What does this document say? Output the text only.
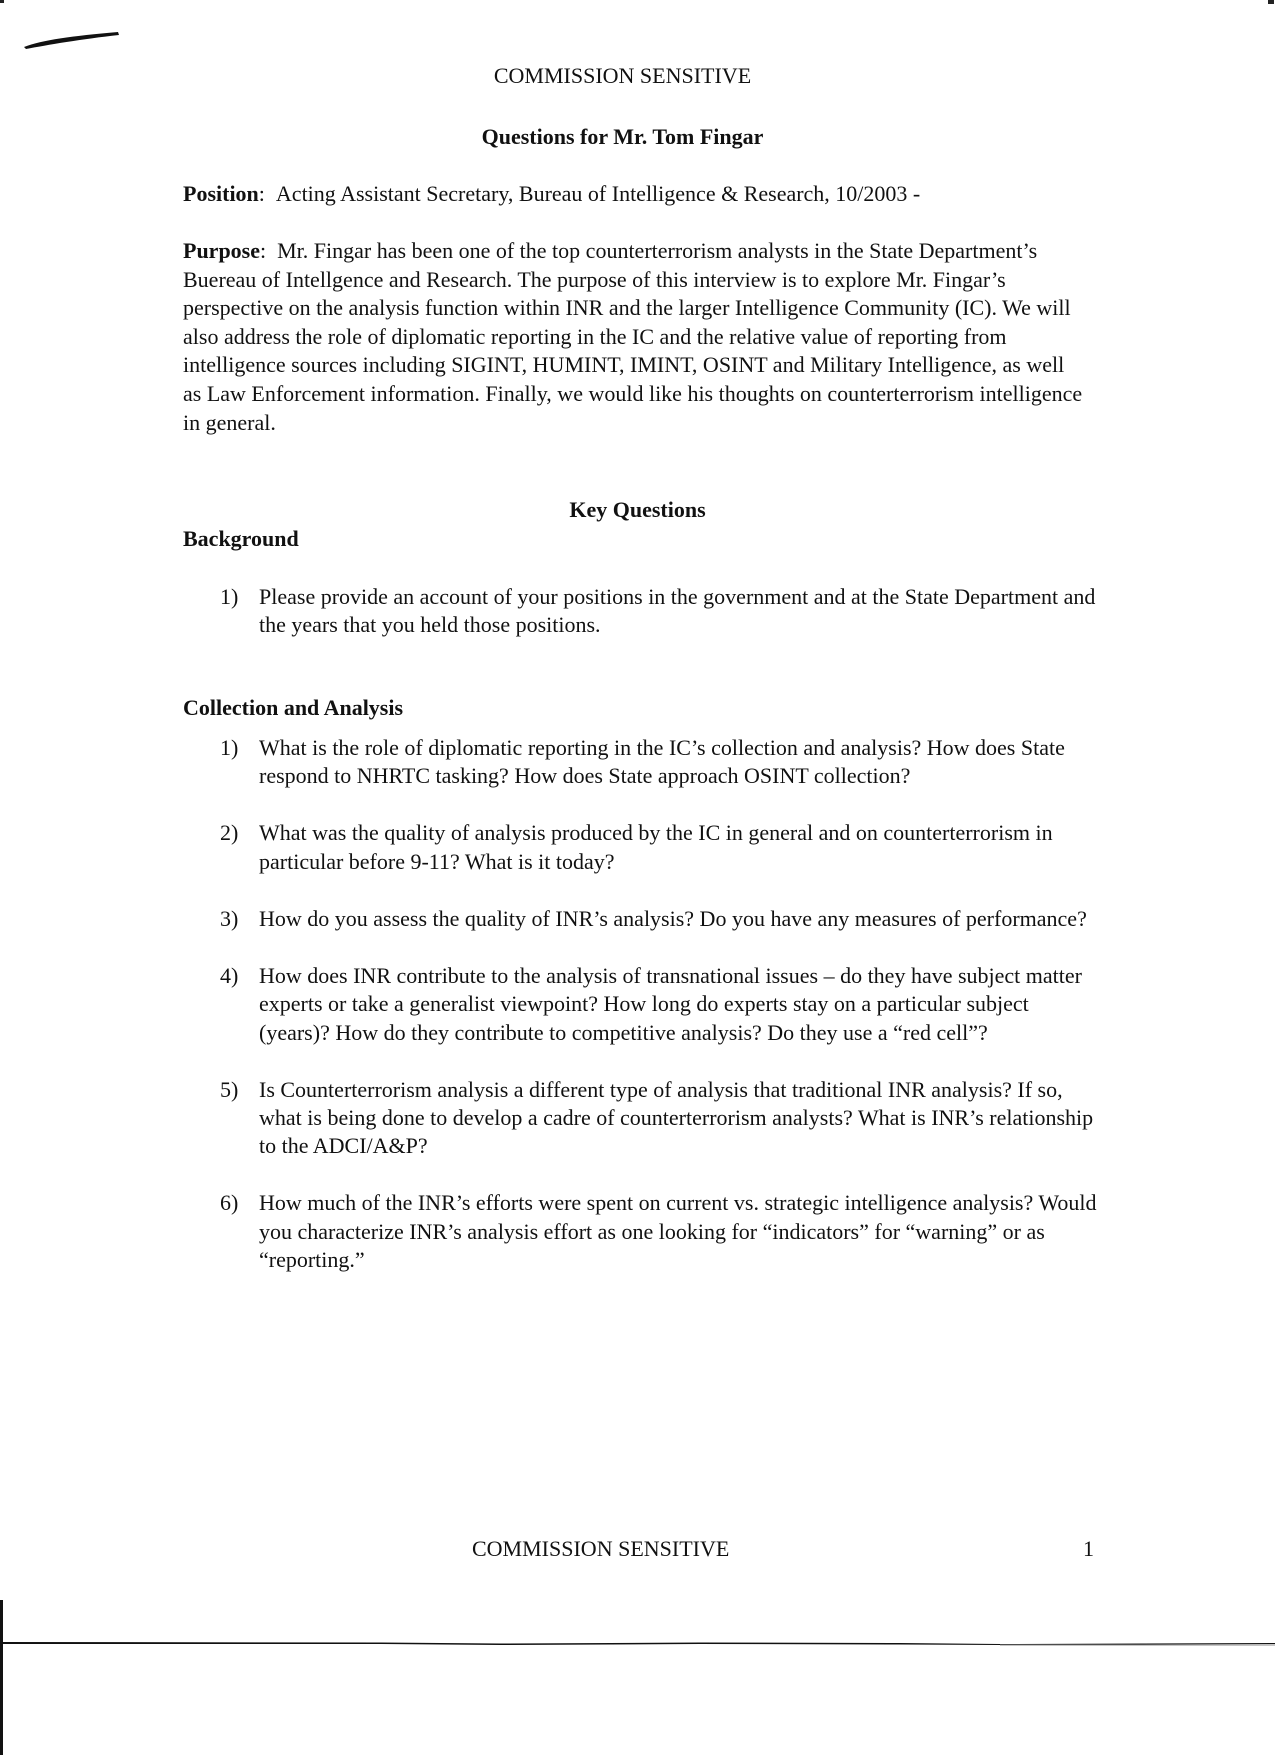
COMMISSION SENSITIVE
Questions for Mr. Tom Fingar
Position:  Acting Assistant Secretary, Bureau of Intelligence & Research, 10/2003 -
Purpose:  Mr. Fingar has been one of the top counterterrorism analysts in the State Department’s Buereau of Intellgence and Research. The purpose of this interview is to explore Mr. Fingar’s perspective on the analysis function within INR and the larger Intelligence Community (IC). We will also address the role of diplomatic reporting in the IC and the relative value of reporting from intelligence sources including SIGINT, HUMINT, IMINT, OSINT and Military Intelligence, as well as Law Enforcement information. Finally, we would like his thoughts on counterterrorism intelligence in general.
Key Questions
Background
1) Please provide an account of your positions in the government and at the State Department and the years that you held those positions.
Collection and Analysis
1) What is the role of diplomatic reporting in the IC’s collection and analysis? How does State respond to NHRTC tasking? How does State approach OSINT collection?
2) What was the quality of analysis produced by the IC in general and on counterterrorism in particular before 9-11? What is it today?
3) How do you assess the quality of INR’s analysis? Do you have any measures of performance?
4) How does INR contribute to the analysis of transnational issues – do they have subject matter experts or take a generalist viewpoint? How long do experts stay on a particular subject (years)? How do they contribute to competitive analysis? Do they use a “red cell”?
5) Is Counterterrorism analysis a different type of analysis that traditional INR analysis? If so, what is being done to develop a cadre of counterterrorism analysts? What is INR’s relationship to the ADCI/A&P?
6) How much of the INR’s efforts were spent on current vs. strategic intelligence analysis? Would you characterize INR’s analysis effort as one looking for “indicators” for “warning” or as “reporting.”
COMMISSION SENSITIVE	1
